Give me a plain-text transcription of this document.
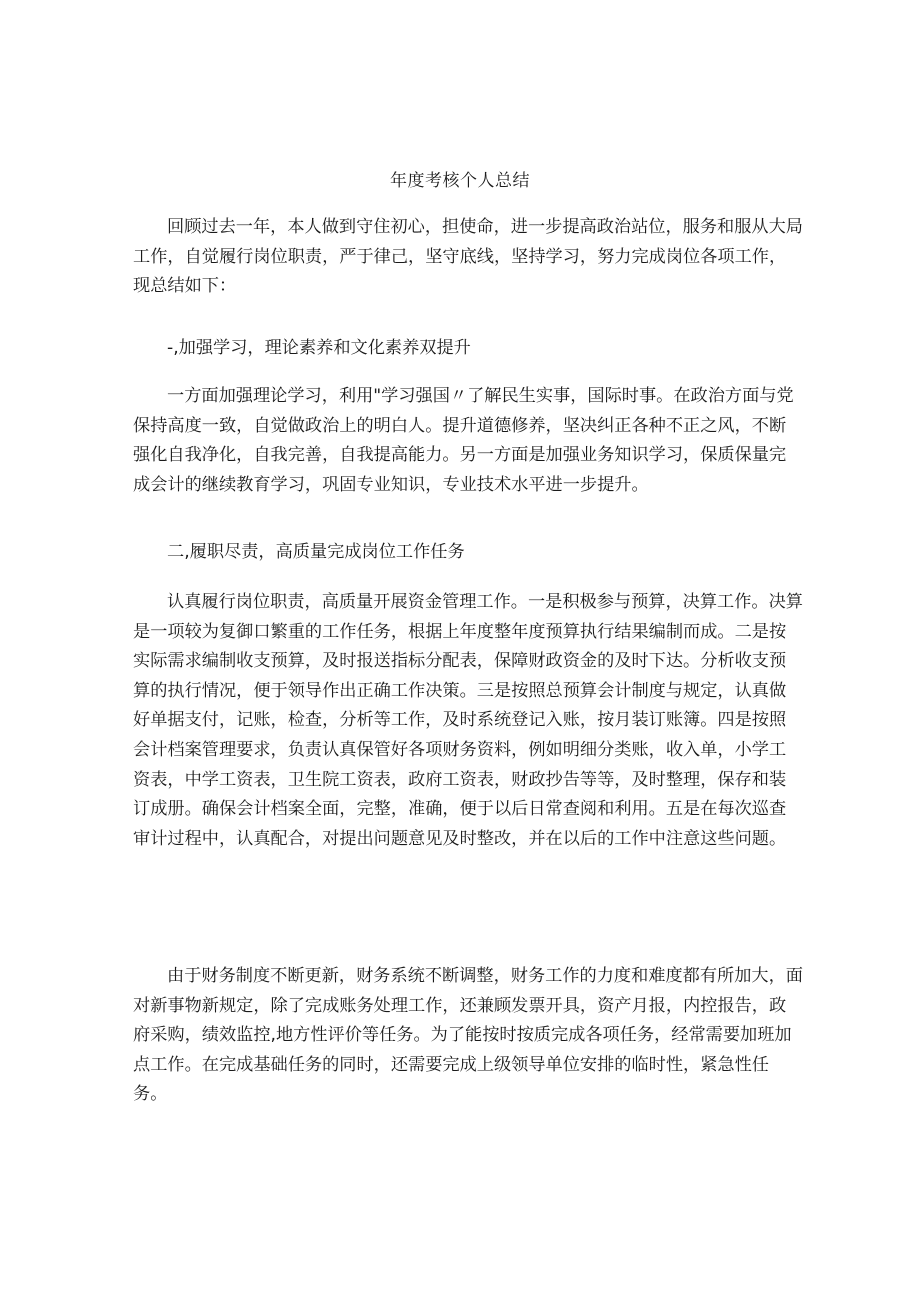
年度考核个人总结

回顾过去一年，本人做到守住初心，担使命，进一步提高政治站位，服务和服从大局工作，自觉履行岗位职责，严于律己，坚守底线，坚持学习，努力完成岗位各项工作，现总结如下：

-,加强学习，理论素养和文化素养双提升

一方面加强理论学习，利用"学习强国〃了解民生实事，国际时事。在政治方面与党保持高度一致，自觉做政治上的明白人。提升道德修养，坚决纠正各种不正之风，不断强化自我净化，自我完善，自我提高能力。另一方面是加强业务知识学习，保质保量完成会计的继续教育学习，巩固专业知识，专业技术水平进一步提升。

二,履职尽责，高质量完成岗位工作任务

认真履行岗位职责，高质量开展资金管理工作。一是积极参与预算，决算工作。决算是一项较为复御口繁重的工作任务，根据上年度整年度预算执行结果编制而成。二是按实际需求编制收支预算，及时报送指标分配表，保障财政资金的及时下达。分析收支预算的执行情况，便于领导作出正确工作决策。三是按照总预算会计制度与规定，认真做好单据支付，记账，检查，分析等工作，及时系统登记入账，按月装订账簿。四是按照会计档案管理要求，负责认真保管好各项财务资料，例如明细分类账，收入单，小学工资表，中学工资表，卫生院工资表，政府工资表，财政抄告等等，及时整理，保存和装订成册。确保会计档案全面，完整，准确，便于以后日常查阅和利用。五是在每次巡查审计过程中，认真配合，对提出问题意见及时整改，并在以后的工作中注意这些问题。

由于财务制度不断更新，财务系统不断调整，财务工作的力度和难度都有所加大，面对新事物新规定，除了完成账务处理工作，还兼顾发票开具，资产月报，内控报告，政府采购，绩效监控,地方性评价等任务。为了能按时按质完成各项任务，经常需要加班加点工作。在完成基础任务的同时，还需要完成上级领导单位安排的临时性，紧急性任务。
